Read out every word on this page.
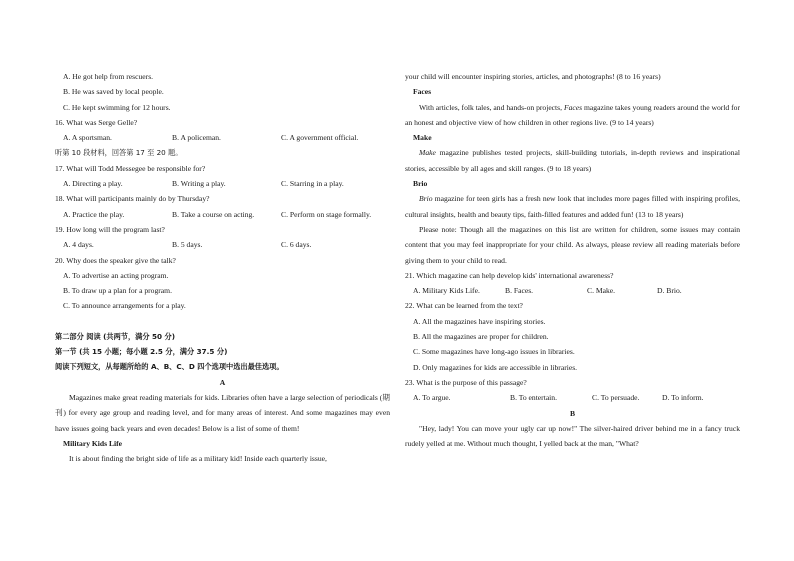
A. He got help from rescuers.
B. He was saved by local people.
C. He kept swimming for 12 hours.
16. What was Serge Gelle?
A. A sportsman.	B. A policeman.	C. A government official.
听第 10 段材料，回答第 17 至 20 题。
17. What will Todd Messegee be responsible for?
A. Directing a play.	B. Writing a play.	C. Starring in a play.
18. What will participants mainly do by Thursday?
A. Practice the play.	B. Take a course on acting.	C. Perform on stage formally.
19. How long will the program last?
A. 4 days.	B. 5 days.	C. 6 days.
20. Why does the speaker give the talk?
A. To advertise an acting program.
B. To draw up a plan for a program.
C. To announce arrangements for a play.
第二部分 阅读 (共两节，满分 50 分)
第一节 (共 15 小题；每小题 2.5 分，满分 37.5 分)
阅读下列短文，从每题所给的 A、B、C、D 四个选项中选出最佳选项。
A
Magazines make great reading materials for kids. Libraries often have a large selection of periodicals (期刊) for every age group and reading level, and for many areas of interest. And some magazines may even have issues going back years and even decades! Below is a list of some of them!
Military Kids Life
It is about finding the bright side of life as a military kid! Inside each quarterly issue,
your child will encounter inspiring stories, articles, and photographs! (8 to 16 years)
Faces
With articles, folk tales, and hands-on projects, Faces magazine takes young readers around the world for an honest and objective view of how children in other regions live. (9 to 14 years)
Make
Make magazine publishes tested projects, skill-building tutorials, in-depth reviews and inspirational stories, accessible by all ages and skill ranges. (9 to 18 years)
Brio
Brio magazine for teen girls has a fresh new look that includes more pages filled with inspiring profiles, cultural insights, health and beauty tips, faith-filled features and added fun! (13 to 18 years)
Please note: Though all the magazines on this list are written for children, some issues may contain content that you may feel inappropriate for your child. As always, please review all reading materials before giving them to your child to read.
21. Which magazine can help develop kids' international awareness?
A. Military Kids Life.	B. Faces.	C. Make.	D. Brio.
22. What can be learned from the text?
A. All the magazines have inspiring stories.
B. All the magazines are proper for children.
C. Some magazines have long-ago issues in libraries.
D. Only magazines for kids are accessible in libraries.
23. What is the purpose of this passage?
A. To argue.	B. To entertain.	C. To persuade.	D. To inform.
B
"Hey, lady! You can move your ugly car up now!" The silver-haired driver behind me in a fancy truck rudely yelled at me. Without much thought, I yelled back at the man, "What?
